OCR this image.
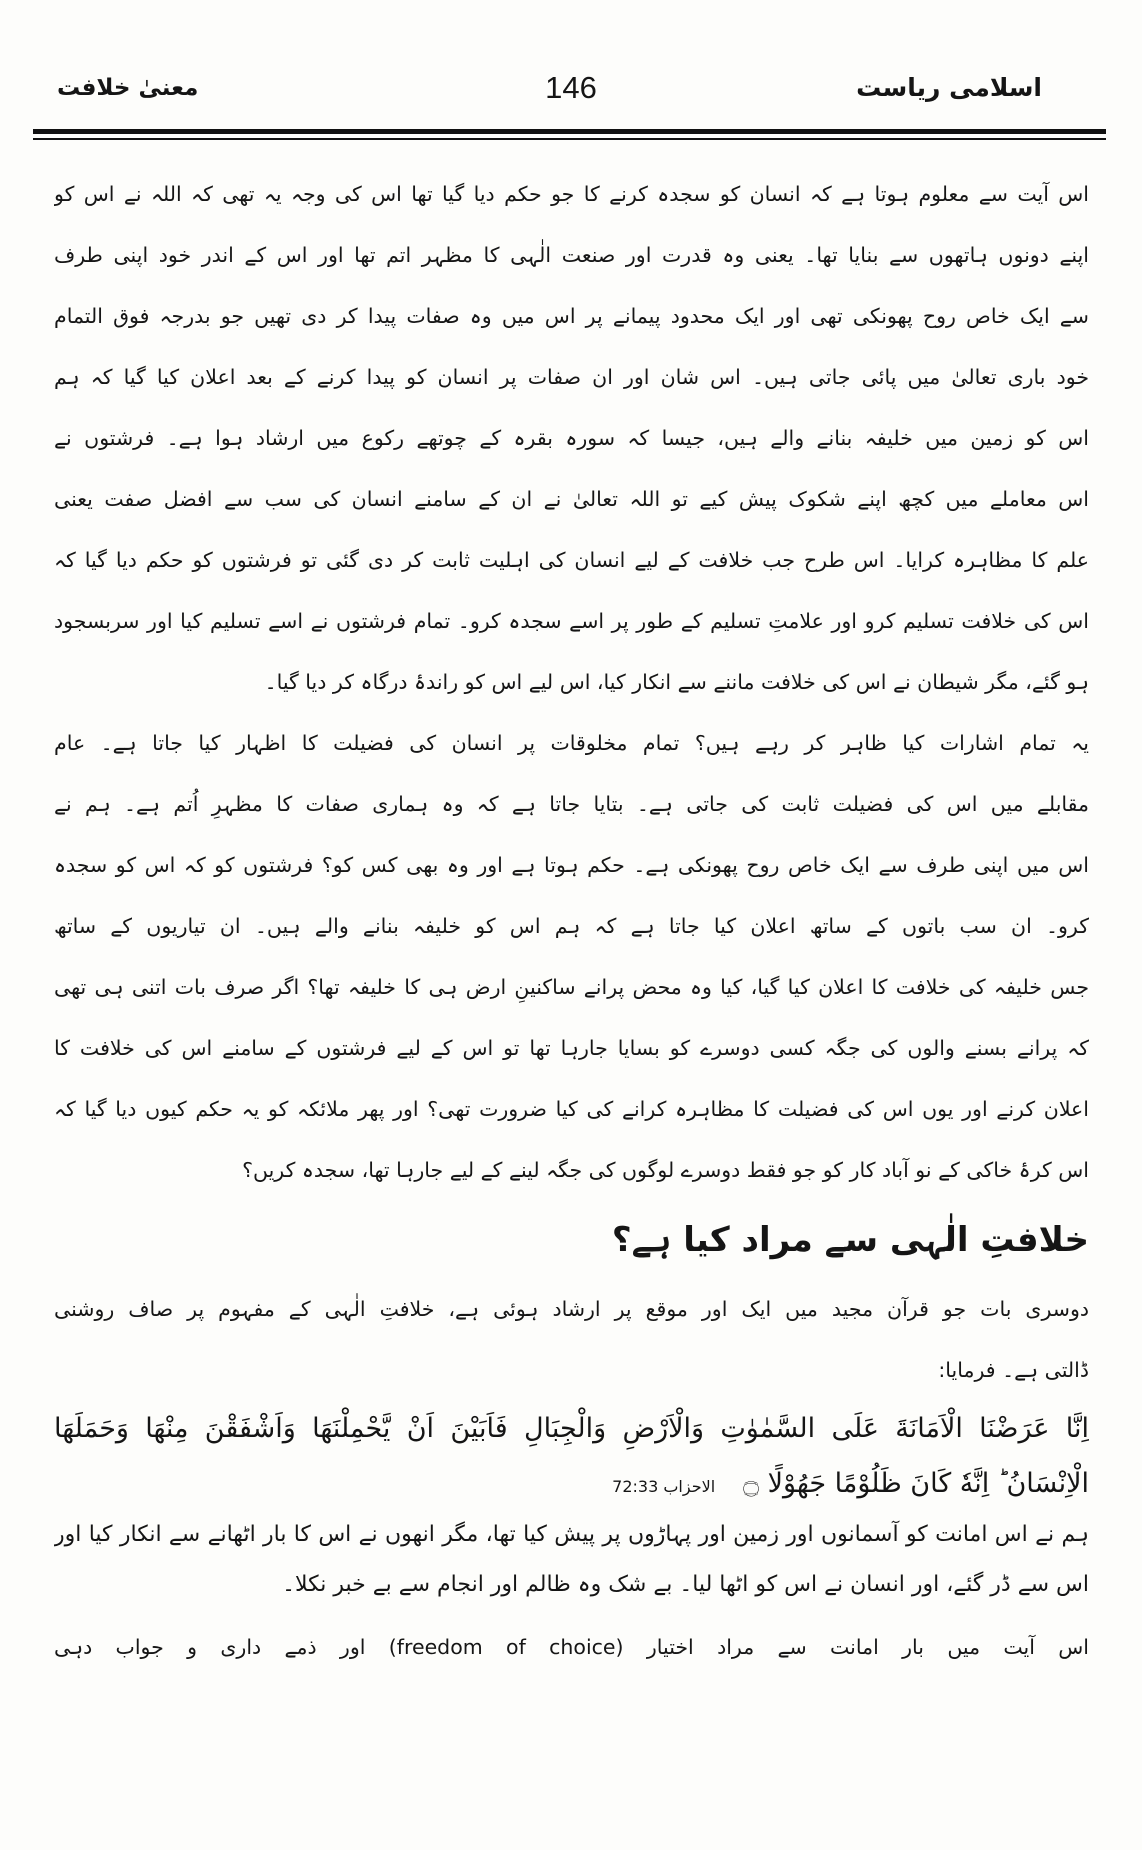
اسلامی ریاست
146
معنیٰ خلافت
اس آیت سے معلوم ہوتا ہے کہ انسان کو سجدہ کرنے کا جو حکم دیا گیا تھا اس کی وجہ یہ تھی کہ اللہ نے اس کو
اپنے دونوں ہاتھوں سے بنایا تھا۔ یعنی وہ قدرت اور صنعت الٰہی کا مظہر اتم تھا اور اس کے اندر خود اپنی طرف
سے ایک خاص روح پھونکی تھی اور ایک محدود پیمانے پر اس میں وہ صفات پیدا کر دی تھیں جو بدرجہ فوق التمام
خود باری تعالیٰ میں پائی جاتی ہیں۔ اس شان اور ان صفات پر انسان کو پیدا کرنے کے بعد اعلان کیا گیا کہ ہم
اس کو زمین میں خلیفہ بنانے والے ہیں، جیسا کہ سورہ بقرہ کے چوتھے رکوع میں ارشاد ہوا ہے۔ فرشتوں نے
اس معاملے میں کچھ اپنے شکوک پیش کیے تو اللہ تعالیٰ نے ان کے سامنے انسان کی سب سے افضل صفت یعنی
علم کا مظاہرہ کرایا۔ اس طرح جب خلافت کے لیے انسان کی اہلیت ثابت کر دی گئی تو فرشتوں کو حکم دیا گیا کہ
اس کی خلافت تسلیم کرو اور علامتِ تسلیم کے طور پر اسے سجدہ کرو۔ تمام فرشتوں نے اسے تسلیم کیا اور سربسجود
ہو گئے، مگر شیطان نے اس کی خلافت ماننے سے انکار کیا، اس لیے اس کو راندۂ درگاہ کر دیا گیا۔
یہ تمام اشارات کیا ظاہر کر رہے ہیں؟ تمام مخلوقات پر انسان کی فضیلت کا اظہار کیا جاتا ہے۔ عام
مقابلے میں اس کی فضیلت ثابت کی جاتی ہے۔ بتایا جاتا ہے کہ وہ ہماری صفات کا مظہرِ اُتم ہے۔ ہم نے
اس میں اپنی طرف سے ایک خاص روح پھونکی ہے۔ حکم ہوتا ہے اور وہ بھی کس کو؟ فرشتوں کو کہ اس کو سجدہ
کرو۔ ان سب باتوں کے ساتھ اعلان کیا جاتا ہے کہ ہم اس کو خلیفہ بنانے والے ہیں۔ ان تیاریوں کے ساتھ
جس خلیفہ کی خلافت کا اعلان کیا گیا، کیا وہ محض پرانے ساکنینِ ارض ہی کا خلیفہ تھا؟ اگر صرف بات اتنی ہی تھی
کہ پرانے بسنے والوں کی جگہ کسی دوسرے کو بسایا جارہا تھا تو اس کے لیے فرشتوں کے سامنے اس کی خلافت کا
اعلان کرنے اور یوں اس کی فضیلت کا مظاہرہ کرانے کی کیا ضرورت تھی؟ اور پھر ملائکہ کو یہ حکم کیوں دیا گیا کہ
اس کرۂ خاکی کے نو آباد کار کو جو فقط دوسرے لوگوں کی جگہ لینے کے لیے جارہا تھا، سجدہ کریں؟
خلافتِ الٰہی سے مراد کیا ہے؟
دوسری بات جو قرآن مجید میں ایک اور موقع پر ارشاد ہوئی ہے، خلافتِ الٰہی کے مفہوم پر صاف روشنی
ڈالتی ہے۔ فرمایا:
اِنَّا عَرَضْنَا الْاَمَانَةَ عَلَى السَّمٰوٰتِ وَالْاَرْضِ وَالْجِبَالِ فَاَبَيْنَ اَنْ يَّحْمِلْنَهَا وَاَشْفَقْنَ مِنْهَا وَحَمَلَهَا
الْاِنْسَانُ ؕ اِنَّهٗ كَانَ ظَلُوْمًا جَهُوْلًا ۝الاحزاب 72:33
ہم نے اس امانت کو آسمانوں اور زمین اور پہاڑوں پر پیش کیا تھا، مگر انھوں نے اس کا بار اٹھانے سے انکار کیا اور
اس سے ڈر گئے، اور انسان نے اس کو اٹھا لیا۔ بے شک وہ ظالم اور انجام سے بے خبر نکلا۔
اس آیت میں بار امانت سے مراد اختیار (freedom of choice) اور ذمے داری و جواب دہی
